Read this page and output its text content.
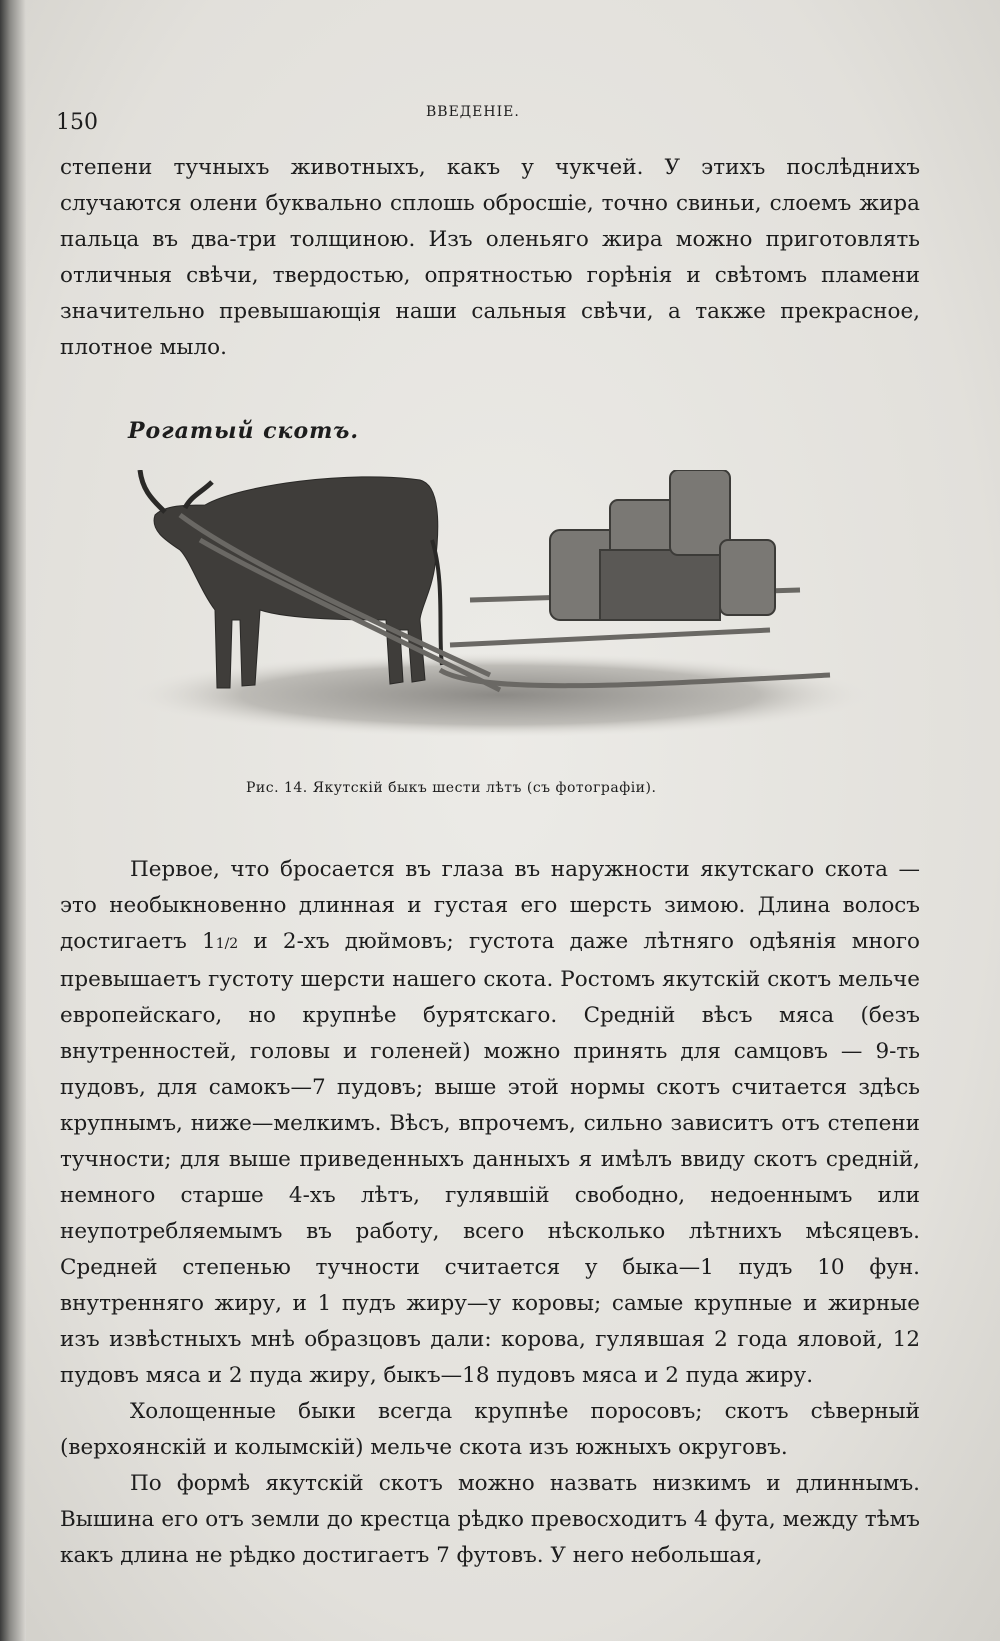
150	ВВЕДЕНIЕ.

степени тучныхъ животныхъ, какъ у чукчей. У этихъ послѣднихъ случаются олени буквально сплошь обросшіе, точно свиньи, слоемъ жира пальца въ два-три толщиною. Изъ оленьяго жира можно приготовлять отличныя свѣчи, твердостью, опрятностью горѣнія и свѣтомъ пламени значительно превышающія наши сальныя свѣчи, а также прекрасное, плотное мыло.

Рогатый скотъ.
Рис. 14. Якутскій быкъ шести лѣтъ (съ фотографіи).

Первое, что бросается въ глаза въ наружности якутскаго скота — это необыкновенно длинная и густая его шерсть зимою. Длина волосъ достигаетъ 11/2 и 2-хъ дюймовъ; густота даже лѣтняго одѣянія много превышаетъ густоту шерсти нашего скота. Ростомъ якутскій скотъ мельче европейскаго, но крупнѣе бурятскаго. Средній вѣсъ мяса (безъ внутренностей, головы и голеней) можно принять для самцовъ — 9-ть пудовъ, для самокъ—7 пудовъ; выше этой нормы скотъ считается здѣсь крупнымъ, ниже—мелкимъ. Вѣсъ, впрочемъ, сильно зависитъ отъ степени тучности; для выше приведенныхъ данныхъ я имѣлъ ввиду скотъ средній, немного старше 4-хъ лѣтъ, гулявшій свободно, недоеннымъ или неупотребляемымъ въ работу, всего нѣсколько лѣтнихъ мѣсяцевъ. Средней степенью тучности считается у быка—1 пудъ 10 фун. внутренняго жиру, и 1 пудъ жиру—у коровы; самые крупные и жирные изъ извѣстныхъ мнѣ образцовъ дали: корова, гулявшая 2 года яловой, 12 пудовъ мяса и 2 пуда жиру, быкъ—18 пудовъ мяса и 2 пуда жиру.

Холощенные быки всегда крупнѣе поросовъ; скотъ сѣверный (верхоянскій и колымскій) мельче скота изъ южныхъ округовъ.

По формѣ якутскій скотъ можно назвать низкимъ и длиннымъ. Вышина его отъ земли до крестца рѣдко превосходитъ 4 фута, между тѣмъ какъ длина не рѣдко достигаетъ 7 футовъ. У него небольшая,
